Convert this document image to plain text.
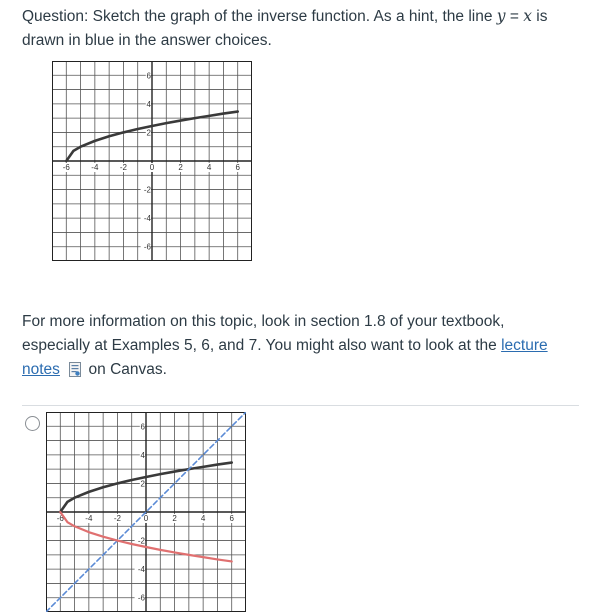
Question: Sketch the graph of the inverse function. As a hint, the line y = x is
drawn in blue in the answer choices.
-6	-4	-2	0	2	4	6
6
4
2
-2
-4
-6
For more information on this topic, look in section 1.8 of your textbook,
especially at Examples 5, 6, and 7. You might also want to look at the lecture
notes on Canvas.
-6	-4	-2	0	2	4	6
6
4
2
-2
-4
-6
